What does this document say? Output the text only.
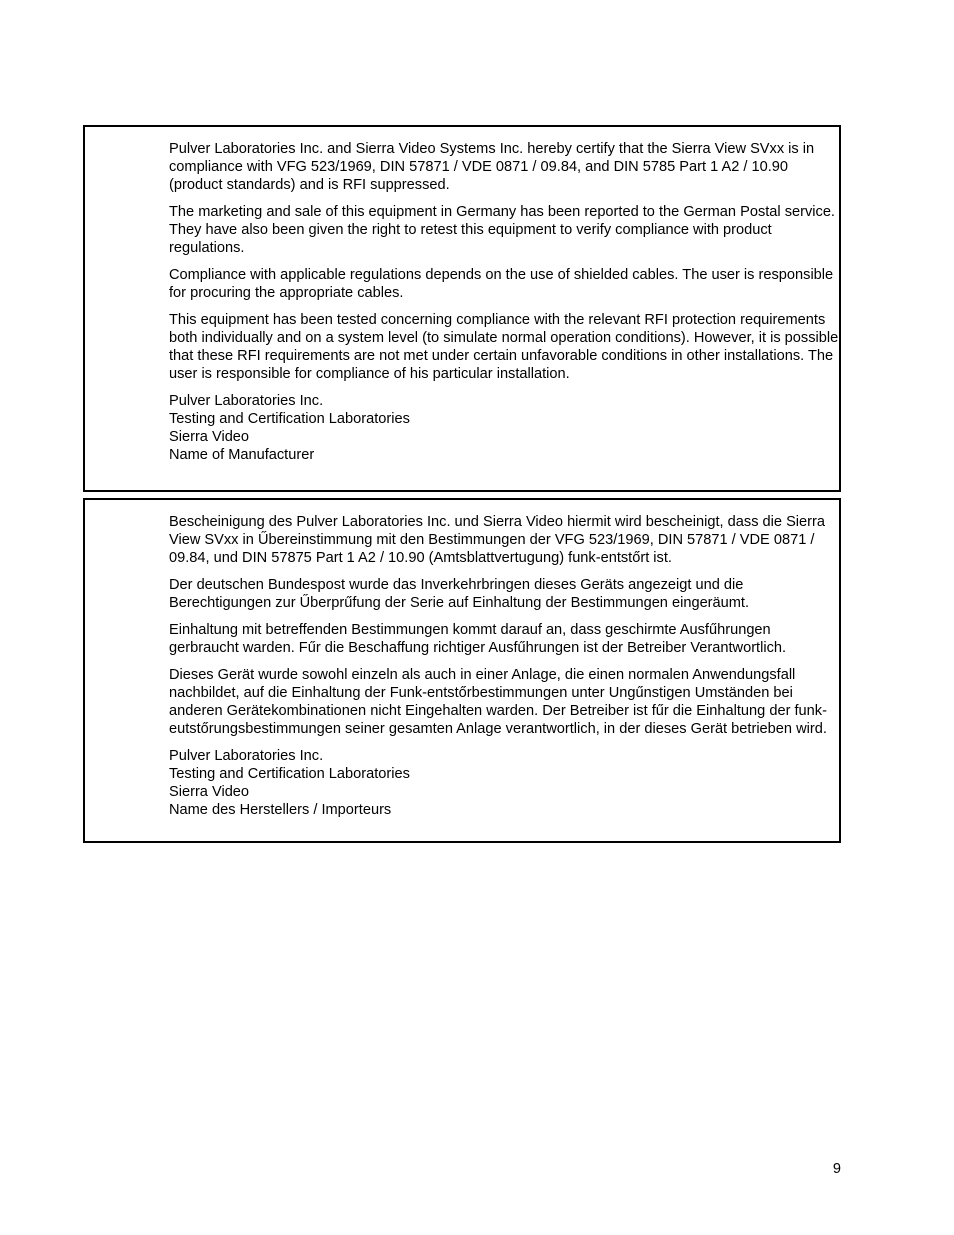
Pulver Laboratories Inc. and Sierra Video Systems Inc. hereby certify that the Sierra View SVxx is in compliance with VFG 523/1969, DIN 57871 / VDE 0871 / 09.84, and DIN 5785 Part 1 A2 / 10.90 (product standards) and is RFI suppressed.

The marketing and sale of this equipment in Germany has been reported to the German Postal service. They have also been given the right to retest this equipment to verify compliance with product regulations.

Compliance with applicable regulations depends on the use of shielded cables. The user is responsible for procuring the appropriate cables.

This equipment has been tested concerning compliance with the relevant RFI protection requirements both individually and on a system level (to simulate normal operation conditions). However, it is possible that these RFI requirements are not met under certain unfavorable conditions in other installations. The user is responsible for compliance of his particular installation.

Pulver Laboratories Inc.

Testing and Certification Laboratories

Sierra Video

Name of Manufacturer

Bescheinigung des Pulver Laboratories Inc. und Sierra Video hiermit wird bescheinigt, dass die Sierra View SVxx in Űbereinstimmung mit den Bestimmungen der VFG 523/1969, DIN 57871 / VDE 0871 / 09.84, und DIN 57875 Part 1 A2 / 10.90 (Amtsblattvertugung) funk-entstőrt ist.

Der deutschen Bundespost wurde das Inverkehrbringen dieses Geräts angezeigt und die Berechtigungen zur Űberprűfung der Serie auf Einhaltung der Bestimmungen eingeräumt.

Einhaltung mit betreffenden Bestimmungen kommt darauf an, dass geschirmte Ausfűhrungen gerbraucht warden. Fűr die Beschaffung richtiger Ausfűhrungen ist der Betreiber Verantwortlich.

Dieses Gerät wurde sowohl einzeln als auch in einer Anlage, die einen normalen Anwendungsfall nachbildet, auf die Einhaltung der Funk-entstőrbestimmungen unter Ungűnstigen Umständen bei anderen Gerätekombinationen nicht Eingehalten warden. Der Betreiber ist fűr die Einhaltung der funk-eutstőrungsbestimmungen seiner gesamten Anlage verantwortlich, in der dieses Gerät betrieben wird.

Pulver Laboratories Inc.

Testing and Certification Laboratories

Sierra Video

Name des Herstellers / Importeurs

9
